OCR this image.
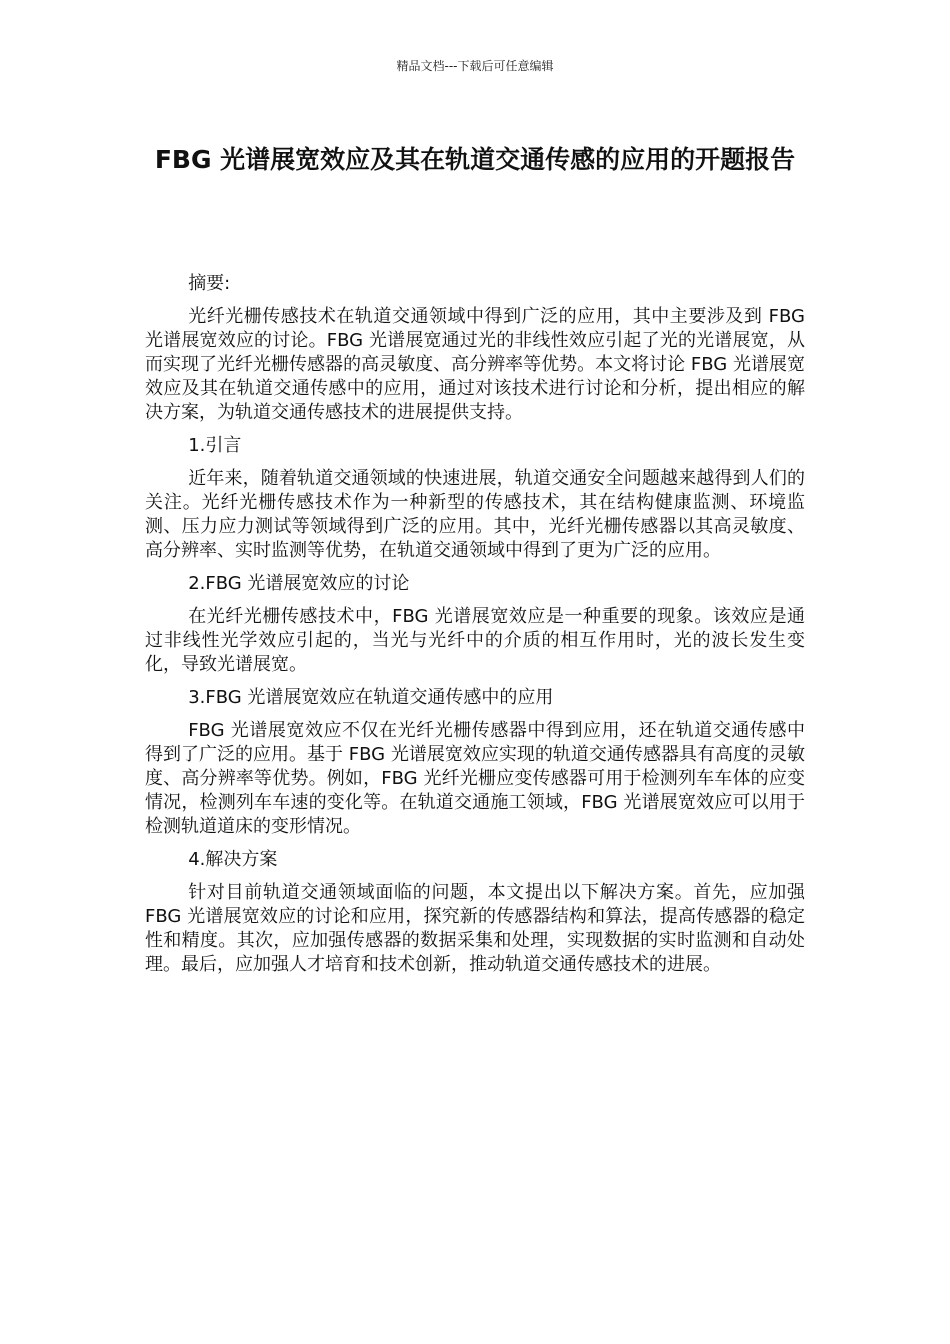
精品文档---下载后可任意编辑
FBG 光谱展宽效应及其在轨道交通传感的应用的开题报告

摘要:

光纤光栅传感技术在轨道交通领域中得到广泛的应用，其中主要涉及到 FBG 光谱展宽效应的讨论。FBG 光谱展宽通过光的非线性效应引起了光的光谱展宽，从而实现了光纤光栅传感器的高灵敏度、高分辨率等优势。本文将讨论 FBG 光谱展宽效应及其在轨道交通传感中的应用，通过对该技术进行讨论和分析，提出相应的解决方案，为轨道交通传感技术的进展提供支持。

1.引言

近年来，随着轨道交通领域的快速进展，轨道交通安全问题越来越得到人们的关注。光纤光栅传感技术作为一种新型的传感技术，其在结构健康监测、环境监测、压力应力测试等领域得到广泛的应用。其中，光纤光栅传感器以其高灵敏度、高分辨率、实时监测等优势，在轨道交通领域中得到了更为广泛的应用。

2.FBG 光谱展宽效应的讨论

在光纤光栅传感技术中，FBG 光谱展宽效应是一种重要的现象。该效应是通过非线性光学效应引起的，当光与光纤中的介质的相互作用时，光的波长发生变化，导致光谱展宽。

3.FBG 光谱展宽效应在轨道交通传感中的应用

FBG 光谱展宽效应不仅在光纤光栅传感器中得到应用，还在轨道交通传感中得到了广泛的应用。基于 FBG 光谱展宽效应实现的轨道交通传感器具有高度的灵敏度、高分辨率等优势。例如，FBG 光纤光栅应变传感器可用于检测列车车体的应变情况，检测列车车速的变化等。在轨道交通施工领域，FBG 光谱展宽效应可以用于检测轨道道床的变形情况。

4.解决方案

针对目前轨道交通领域面临的问题，本文提出以下解决方案。首先，应加强 FBG 光谱展宽效应的讨论和应用，探究新的传感器结构和算法，提高传感器的稳定性和精度。其次，应加强传感器的数据采集和处理，实现数据的实时监测和自动处理。最后，应加强人才培育和技术创新，推动轨道交通传感技术的进展。
